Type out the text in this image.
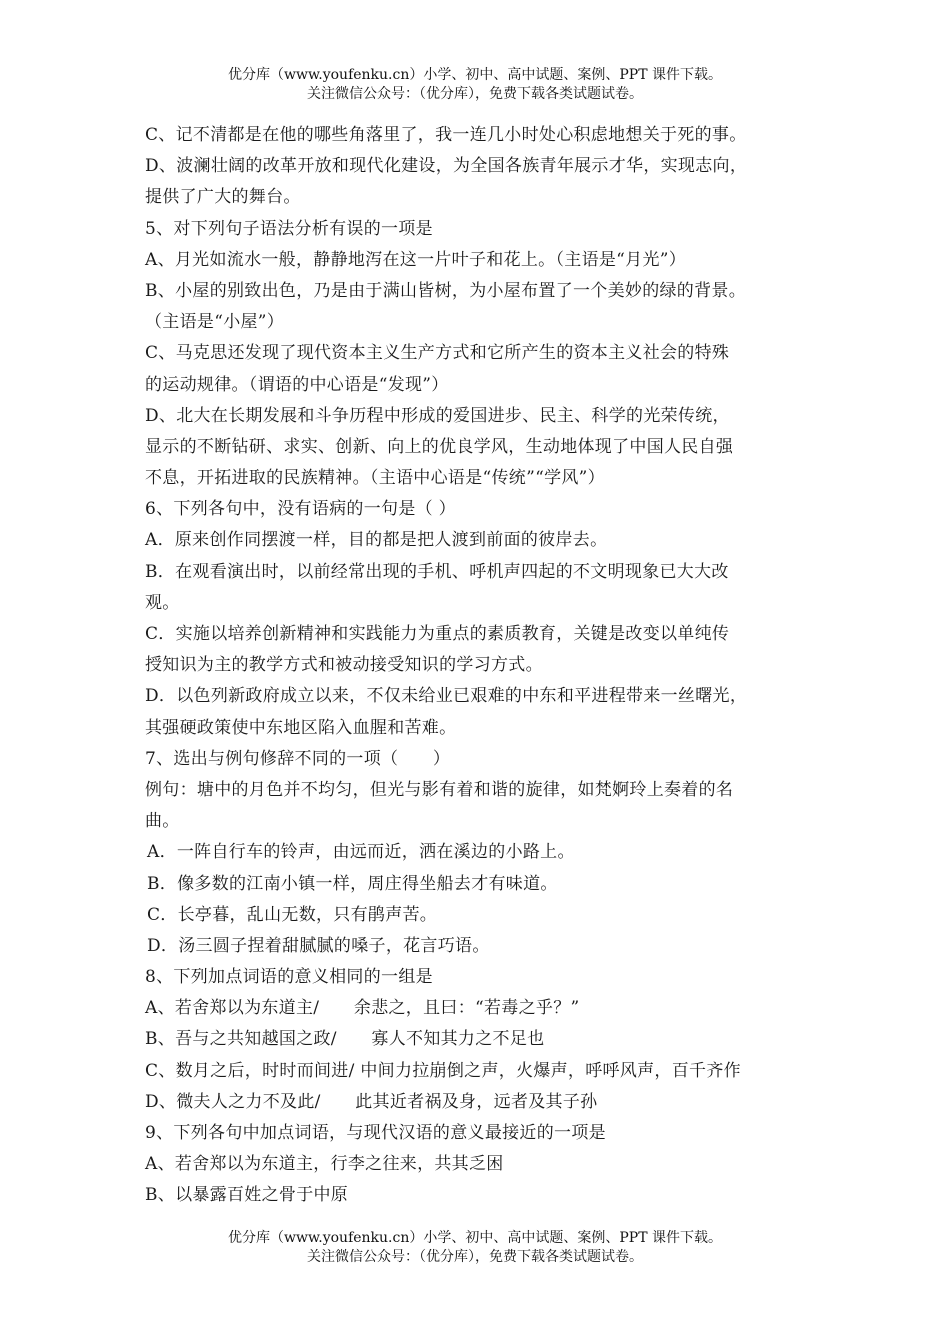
优分库（www.youfenku.cn）小学、初中、高中试题、案例、PPT 课件下载。
关注微信公众号：（优分库），免费下载各类试题试卷。
C、记不清都是在他的哪些角落里了，我一连几小时处心积虑地想关于死的事。
D、波澜壮阔的改革开放和现代化建设，为全国各族青年展示才华，实现志向，
提供了广大的舞台。
5、对下列句子语法分析有误的一项是
A、月光如流水一般，静静地泻在这一片叶子和花上。（主语是“月光”）
B、小屋的别致出色，乃是由于满山皆树，为小屋布置了一个美妙的绿的背景。
（主语是“小屋”）
C、马克思还发现了现代资本主义生产方式和它所产生的资本主义社会的特殊
的运动规律。（谓语的中心语是“发现”）
D、北大在长期发展和斗争历程中形成的爱国进步、民主、科学的光荣传统，
显示的不断钻研、求实、创新、向上的优良学风，生动地体现了中国人民自强
不息，开拓进取的民族精神。（主语中心语是“传统”“学风”）
6、下列各句中，没有语病的一句是（ ）
A．原来创作同摆渡一样，目的都是把人渡到前面的彼岸去。
B．在观看演出时，以前经常出现的手机、呼机声四起的不文明现象已大大改
观。
C．实施以培养创新精神和实践能力为重点的素质教育，关键是改变以单纯传
授知识为主的教学方式和被动接受知识的学习方式。
D．以色列新政府成立以来，不仅未给业已艰难的中东和平进程带来一丝曙光，
其强硬政策使中东地区陷入血腥和苦难。
7、选出与例句修辞不同的一项（　　）
例句：塘中的月色并不均匀，但光与影有着和谐的旋律，如梵婀玲上奏着的名
曲。
A．一阵自行车的铃声，由远而近，洒在溪边的小路上。
B．像多数的江南小镇一样，周庄得坐船去才有味道。
C．长亭暮，乱山无数，只有鹃声苦。
D．汤三圆子捏着甜腻腻的嗓子，花言巧语。
8、下列加点词语的意义相同的一组是
A、若舍郑以为东道主/　　余悲之，且曰：“若毒之乎？”
B、吾与之共知越国之政/　　寡人不知其力之不足也
C、数月之后，时时而间进/ 中间力拉崩倒之声，火爆声，呼呼风声，百千齐作
D、微夫人之力不及此/　　此其近者祸及身，远者及其子孙
9、下列各句中加点词语，与现代汉语的意义最接近的一项是
A、若舍郑以为东道主，行李之往来，共其乏困
B、以暴露百姓之骨于中原
优分库（www.youfenku.cn）小学、初中、高中试题、案例、PPT 课件下载。
关注微信公众号：（优分库），免费下载各类试题试卷。
